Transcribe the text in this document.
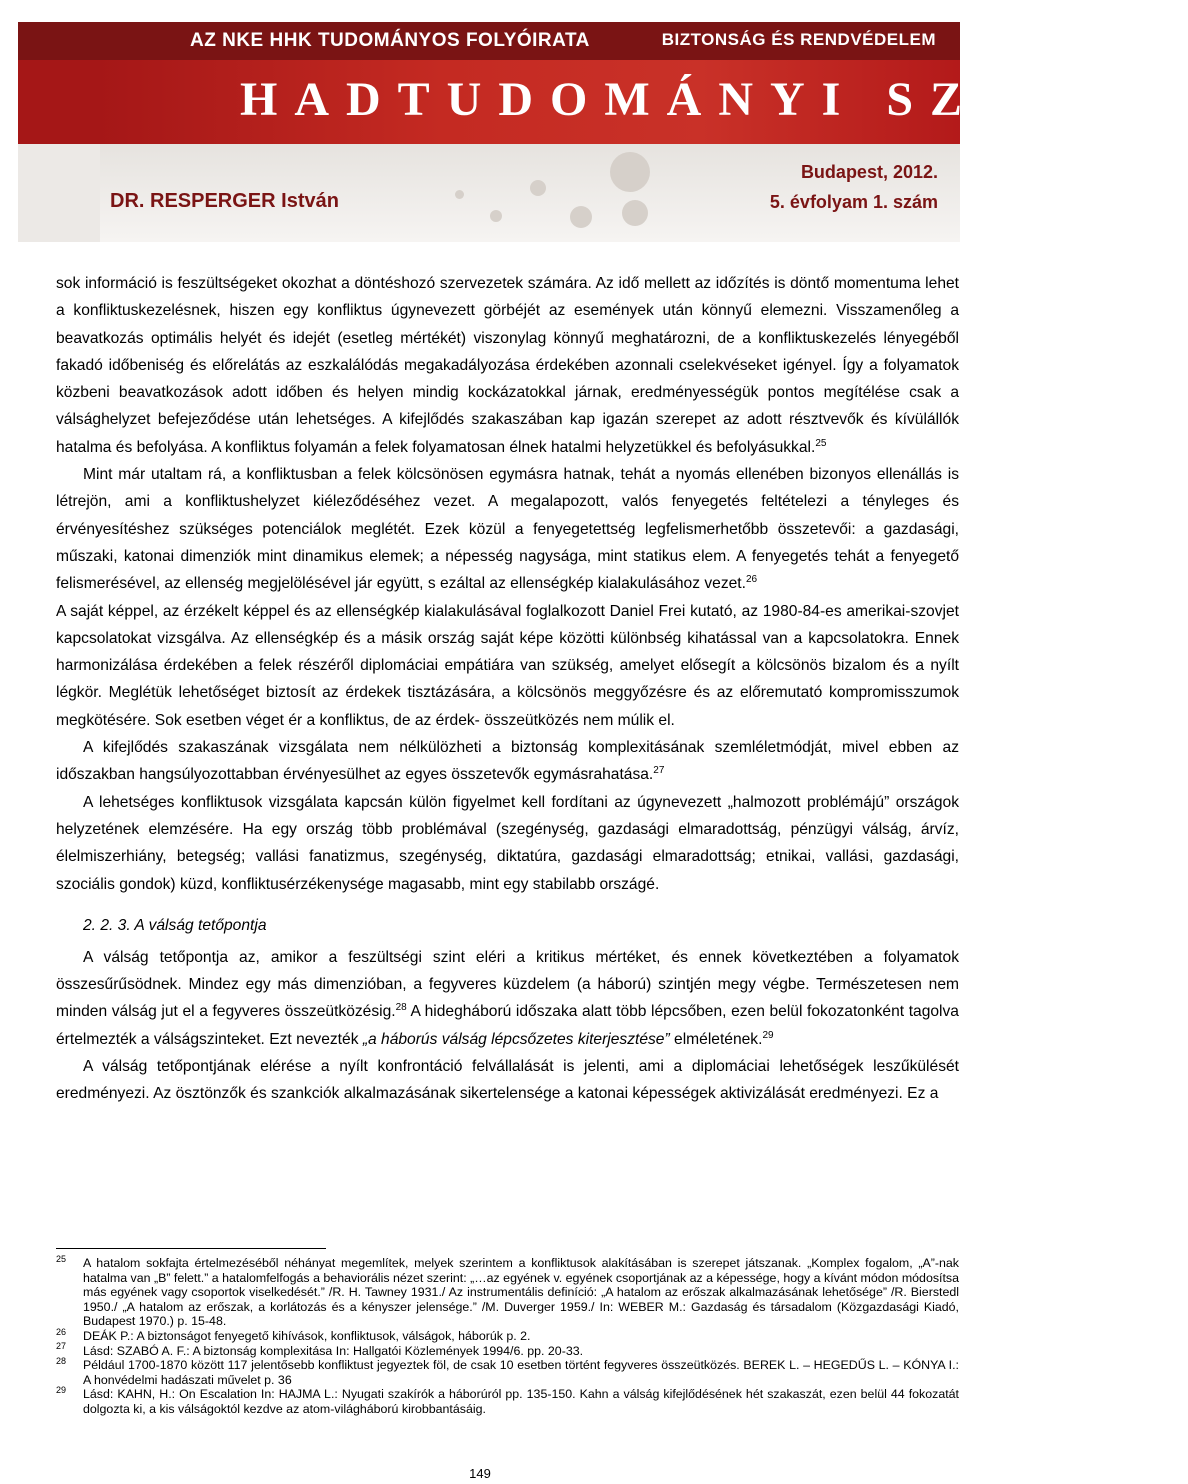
AZ NKE HHK TUDOMÁNYOS FOLYÓIRATA	BIZTONSÁG ÉS RENDVÉDELEM
HADTUDOMÁNYI SZEMLE
DR. RESPERGER István
Budapest, 2012.
5. évfolyam 1. szám

sok információ is feszültségeket okozhat a döntéshozó szervezetek számára. Az idő mellett az időzítés is döntő momentuma lehet a konfliktuskezelésnek, hiszen egy konfliktus úgynevezett görbéjét az események után könnyű elemezni. Visszamenőleg a beavatkozás optimális helyét és idejét (esetleg mértékét) viszonylag könnyű meghatározni, de a konfliktuskezelés lényegéből fakadó időbeniség és előrelátás az eszkalálódás megakadályozása érdekében azonnali cselekvéseket igényel. Így a folyamatok közbeni beavatkozások adott időben és helyen mindig kockázatokkal járnak, eredményességük pontos megítélése csak a válsághelyzet befejeződése után lehetséges. A kifejlődés szakaszában kap igazán szerepet az adott résztvevők és kívülállók hatalma és befolyása. A konfliktus folyamán a felek folyamatosan élnek hatalmi helyzetükkel és befolyásukkal.$^{25}$

Mint már utaltam rá, a konfliktusban a felek kölcsönösen egymásra hatnak, tehát a nyomás ellenében bizonyos ellenállás is létrejön, ami a konfliktushelyzet kiéleződéséhez vezet. A megalapozott, valós fenyegetés feltételezi a tényleges és érvényesítéshez szükséges potenciálok meglétét. Ezek közül a fenyegetettség legfelismerhetőbb összetevői: a gazdasági, műszaki, katonai dimenziók mint dinamikus elemek; a népesség nagysága, mint statikus elem. A fenyegetés tehát a fenyegető felismerésével, az ellenség megjelölésével jár együtt, s ezáltal az ellenségkép kialakulásához vezet.$^{26}$

A saját képpel, az érzékelt képpel és az ellenségkép kialakulásával foglalkozott Daniel Frei kutató, az 1980-84-es amerikai-szovjet kapcsolatokat vizsgálva. Az ellenségkép és a másik ország saját képe közötti különbség kihatással van a kapcsolatokra. Ennek harmonizálása érdekében a felek részéről diplomáciai empátiára van szükség, amelyet elősegít a kölcsönös bizalom és a nyílt légkör. Meglétük lehetőséget biztosít az érdekek tisztázására, a kölcsönös meggyőzésre és az előremutató kompromisszumok megkötésére. Sok esetben véget ér a konfliktus, de az érdek- összeütközés nem múlik el.

A kifejlődés szakaszának vizsgálata nem nélkülözheti a biztonság komplexitásának szemléletmódját, mivel ebben az időszakban hangsúlyozottabban érvényesülhet az egyes összetevők egymásrahatása.$^{27}$

A lehetséges konfliktusok vizsgálata kapcsán külön figyelmet kell fordítani az úgynevezett „halmozott problémájú” országok helyzetének elemzésére. Ha egy ország több problémával (szegénység, gazdasági elmaradottság, pénzügyi válság, árvíz, élelmiszerhiány, betegség; vallási fanatizmus, szegénység, diktatúra, gazdasági elmaradottság; etnikai, vallási, gazdasági, szociális gondok) küzd, konfliktusérzékenysége magasabb, mint egy stabilabb országé.

2. 2. 3. A válság tetőpontja

A válság tetőpontja az, amikor a feszültségi szint eléri a kritikus mértéket, és ennek következtében a folyamatok összesűrűsödnek. Mindez egy más dimenzióban, a fegyveres küzdelem (a háború) szintjén megy végbe. Természetesen nem minden válság jut el a fegyveres összeütközésig.$^{28}$ A hidegháború időszaka alatt több lépcsőben, ezen belül fokozatonként tagolva értelmezték a válságszinteket. Ezt nevezték „a háborús válság lépcsőzetes kiterjesztése” elméletének.$^{29}$

A válság tetőpontjának elérése a nyílt konfrontáció felvállalását is jelenti, ami a diplomáciai lehetőségek leszűkülését eredményezi. Az ösztönzők és szankciók alkalmazásának sikertelensége a katonai képességek aktivizálását eredményezi. Ez a

$^{25}$ A hatalom sokfajta értelmezéséből néhányat megemlítek, melyek szerintem a konfliktusok alakításában is szerepet játszanak. „Komplex fogalom, „A”-nak hatalma van „B” felett.” a hatalomfelfogás a behaviorális nézet szerint: „…az egyének v. egyének csoportjának az a képessége, hogy a kívánt módon módosítsa más egyének vagy csoportok viselkedését.” /R. H. Tawney 1931./ Az instrumentális definíció: „A hatalom az erőszak alkalmazásának lehetősége” /R. Bierstedl 1950./ „A hatalom az erőszak, a korlátozás és a kényszer jelensége.” /M. Duverger 1959./ In: WEBER M.: Gazdaság és társadalom (Közgazdasági Kiadó, Budapest 1970.) p. 15-48.

$^{26}$ DEÁK P.: A biztonságot fenyegető kihívások, konfliktusok, válságok, háborúk p. 2.

$^{27}$ Lásd: SZABÓ A. F.: A biztonság komplexitása In: Hallgatói Közlemények 1994/6. pp. 20-33.

$^{28}$ Például 1700-1870 között 117 jelentősebb konfliktust jegyeztek föl, de csak 10 esetben történt fegyveres összeütközés. BEREK L. – HEGEDŰS L. – KÓNYA I.: A honvédelmi hadászati művelet p. 36

$^{29}$ Lásd: KAHN, H.: On Escalation In: HAJMA L.: Nyugati szakírók a háborúról pp. 135-150. Kahn a válság kifejlődésének hét szakaszát, ezen belül 44 fokozatát dolgozta ki, a kis válságoktól kezdve az atom-világháború kirobbantásáig.

149
